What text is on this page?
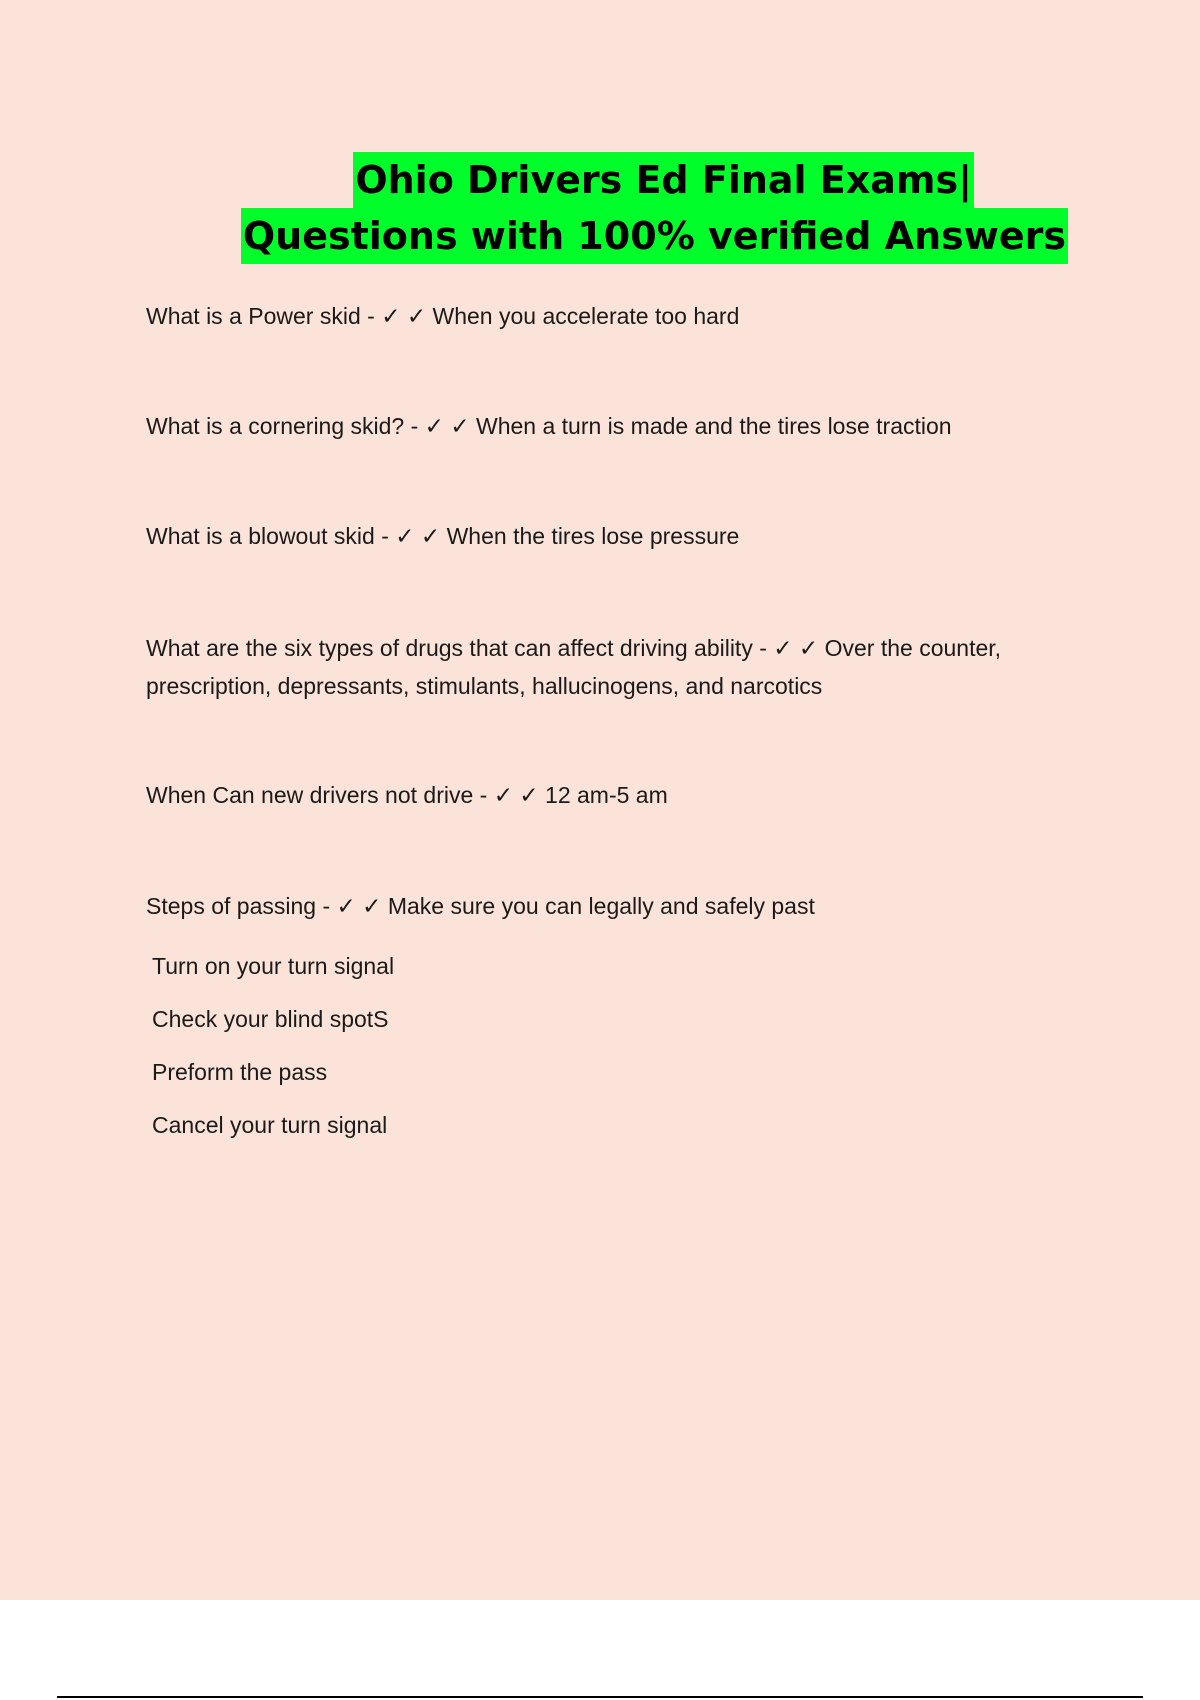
Ohio Drivers Ed Final Exams|
Questions with 100% verified Answers

What is a Power skid - ✓ ✓ When you accelerate too hard

What is a cornering skid? - ✓ ✓ When a turn is made and the tires lose traction

What is a blowout skid - ✓ ✓ When the tires lose pressure

What are the six types of drugs that can affect driving ability - ✓ ✓ Over the counter, prescription, depressants, stimulants, hallucinogens, and narcotics

When Can new drivers not drive - ✓ ✓ 12 am-5 am

Steps of passing - ✓ ✓ Make sure you can legally and safely past

Turn on your turn signal
Check your blind spotS
Preform the pass
Cancel your turn signal
